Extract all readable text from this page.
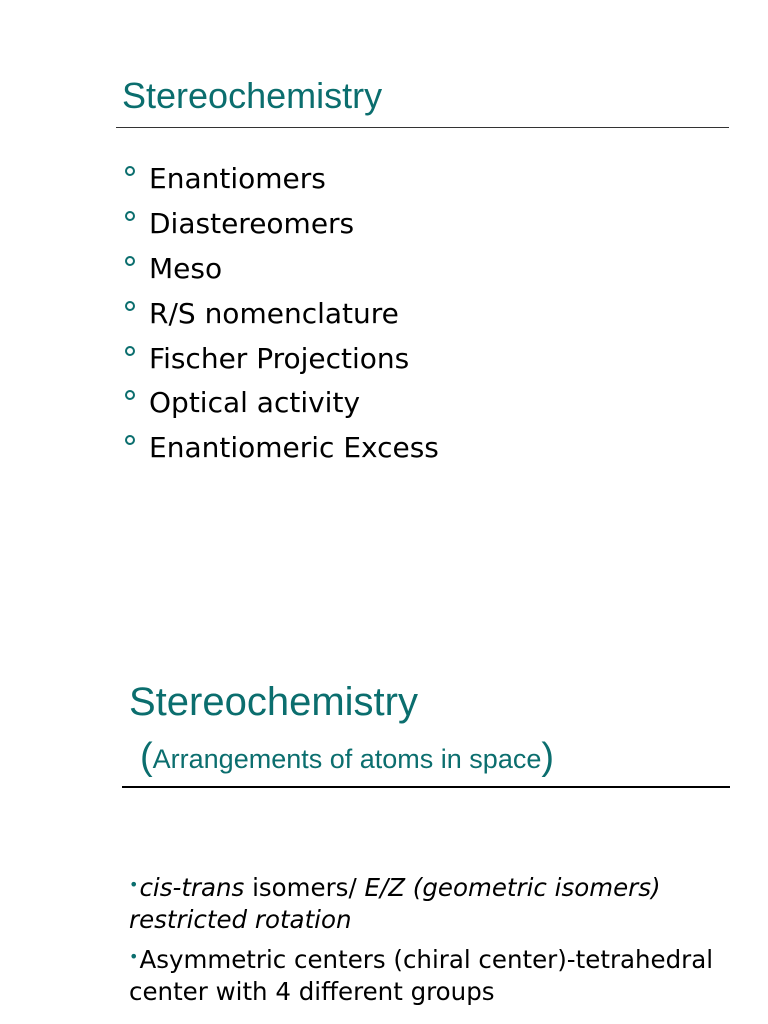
Stereochemistry
Enantiomers
Diastereomers
Meso
R/S nomenclature
Fischer Projections
Optical activity
Enantiomeric Excess
Stereochemistry
( Arrangements of atoms in space )
•cis-trans isomers/ E/Z (geometric isomers) restricted rotation
•Asymmetric centers (chiral center)-tetrahedral center with 4 different groups
